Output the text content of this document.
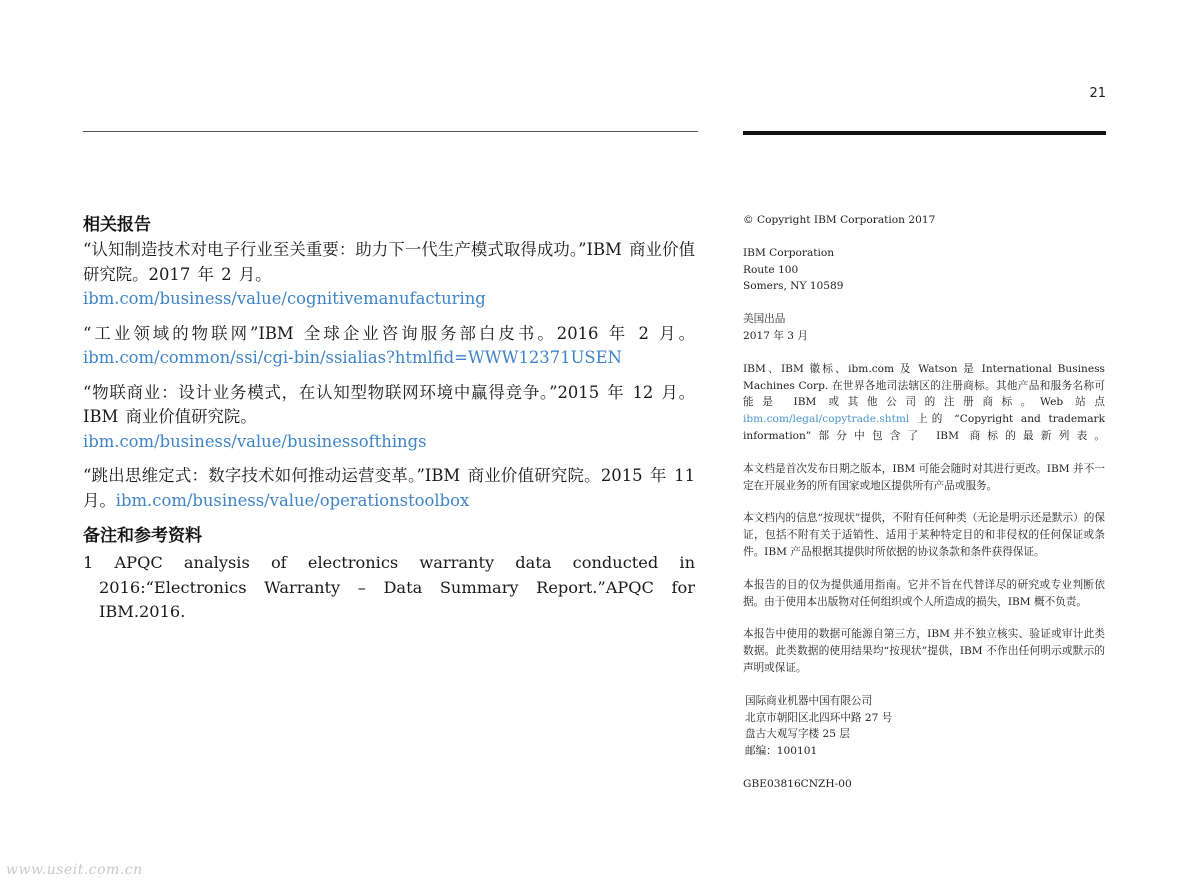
21
相关报告

“认知制造技术对电子行业至关重要：助力下一代生产模式取得成功。”IBM 商业价值研究院。2017 年 2 月。
ibm.com/business/value/cognitivemanufacturing

“工业领域的物联网”IBM 全球企业咨询服务部白皮书。2016 年 2 月。ibm.com/common/ssi/cgi-bin/ssialias?htmlfid=WWW12371USEN

“物联商业：设计业务模式，在认知型物联网环境中赢得竞争。”2015 年 12 月。IBM 商业价值研究院。
ibm.com/business/value/businessofthings

“跳出思维定式：数字技术如何推动运营变革。”IBM 商业价值研究院。2015 年 11 月。ibm.com/business/value/operationstoolbox

备注和参考资料

1 APQC analysis of electronics warranty data conducted in 2016:“Electronics Warranty – Data Summary Report.”APQC for IBM.2016.

© Copyright IBM Corporation 2017

IBM Corporation
Route 100
Somers, NY 10589

美国出品
2017 年 3 月

IBM、IBM 徽标、ibm.com 及 Watson 是 International Business Machines Corp. 在世界各地司法辖区的注册商标。其他产品和服务名称可能是 IBM 或其他公司的注册商标。Web 站点 ibm.com/legal/copytrade.shtml 上的 “Copyright and trademark information”部分中包含了 IBM 商标的最新列表。

本文档是首次发布日期之版本，IBM 可能会随时对其进行更改。IBM 并不一定在开展业务的所有国家或地区提供所有产品或服务。

本文档内的信息“按现状”提供，不附有任何种类（无论是明示还是默示）的保证，包括不附有关于适销性、适用于某种特定目的和非侵权的任何保证或条件。IBM 产品根据其提供时所依据的协议条款和条件获得保证。

本报告的目的仅为提供通用指南。它并不旨在代替详尽的研究或专业判断依据。由于使用本出版物对任何组织或个人所造成的损失，IBM 概不负责。

本报告中使用的数据可能源自第三方，IBM 并不独立核实、验证或审计此类数据。此类数据的使用结果均“按现状”提供，IBM 不作出任何明示或默示的声明或保证。

国际商业机器中国有限公司
北京市朝阳区北四环中路 27 号
盘古大观写字楼 25 层
邮编：100101

GBE03816CNZH-00

www.useit.com.cn
